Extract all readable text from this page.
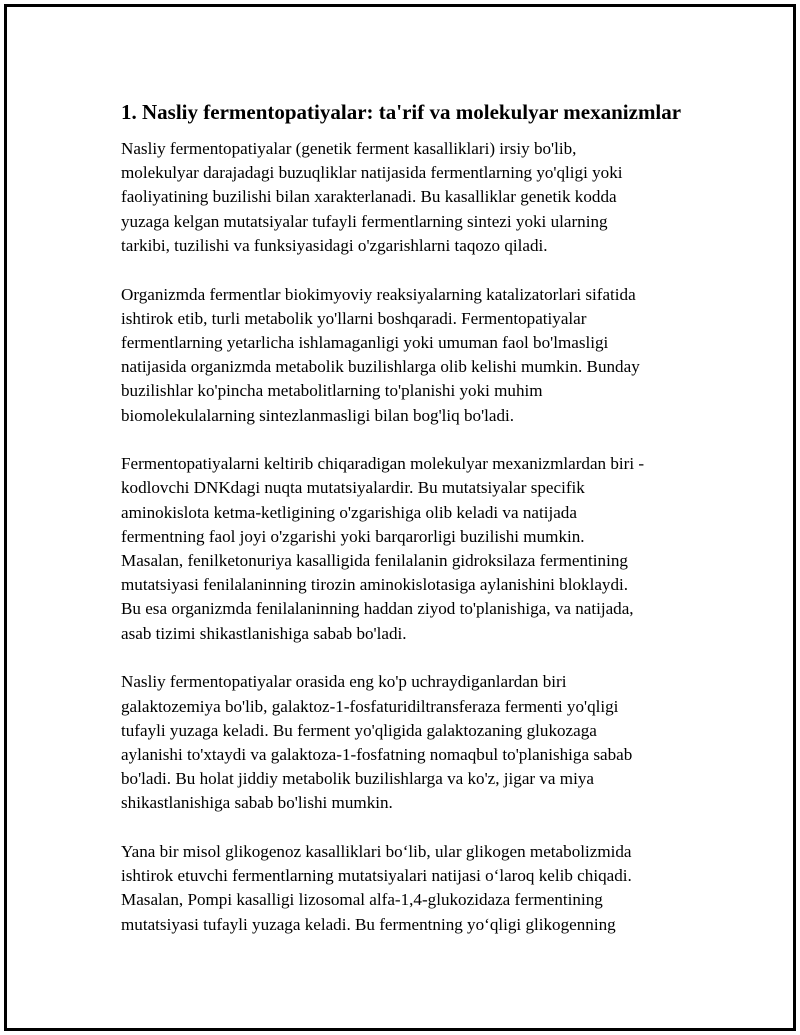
1. Nasliy fermentopatiyalar: ta'rif va molekulyar mexanizmlar
Nasliy fermentopatiyalar (genetik ferment kasalliklari) irsiy bo'lib,
molekulyar darajadagi buzuqliklar natijasida fermentlarning yo'qligi yoki
faoliyatining buzilishi bilan xarakterlanadi. Bu kasalliklar genetik kodda
yuzaga kelgan mutatsiyalar tufayli fermentlarning sintezi yoki ularning
tarkibi, tuzilishi va funksiyasidagi o'zgarishlarni taqozo qiladi.
Organizmda fermentlar biokimyoviy reaksiyalarning katalizatorlari sifatida
ishtirok etib, turli metabolik yo'llarni boshqaradi. Fermentopatiyalar
fermentlarning yetarlicha ishlamaganligi yoki umuman faol bo'lmasligi
natijasida organizmda metabolik buzilishlarga olib kelishi mumkin. Bunday
buzilishlar ko'pincha metabolitlarning to'planishi yoki muhim
biomolekulalarning sintezlanmasligi bilan bog'liq bo'ladi.
Fermentopatiyalarni keltirib chiqaradigan molekulyar mexanizmlardan biri -
kodlovchi DNKdagi nuqta mutatsiyalardir. Bu mutatsiyalar specifik
aminokislota ketma-ketligining o'zgarishiga olib keladi va natijada
fermentning faol joyi o'zgarishi yoki barqarorligi buzilishi mumkin.
Masalan, fenilketonuriya kasalligida fenilalanin gidroksilaza fermentining
mutatsiyasi fenilalaninning tirozin aminokislotasiga aylanishini bloklaydi.
Bu esa organizmda fenilalaninning haddan ziyod to'planishiga, va natijada,
asab tizimi shikastlanishiga sabab bo'ladi.
Nasliy fermentopatiyalar orasida eng ko'p uchraydiganlardan biri
galaktozemiya bo'lib, galaktoz-1-fosfaturidiltransferaza fermenti yo'qligi
tufayli yuzaga keladi. Bu ferment yo'qligida galaktozaning glukozaga
aylanishi to'xtaydi va galaktoza-1-fosfatning nomaqbul to'planishiga sabab
bo'ladi. Bu holat jiddiy metabolik buzilishlarga va ko'z, jigar va miya
shikastlanishiga sabab bo'lishi mumkin.
Yana bir misol glikogenoz kasalliklari bo‘lib, ular glikogen metabolizmida
ishtirok etuvchi fermentlarning mutatsiyalari natijasi o‘laroq kelib chiqadi.
Masalan, Pompi kasalligi lizosomal alfa-1,4-glukozidaza fermentining
mutatsiyasi tufayli yuzaga keladi. Bu fermentning yo‘qligi glikogenning
